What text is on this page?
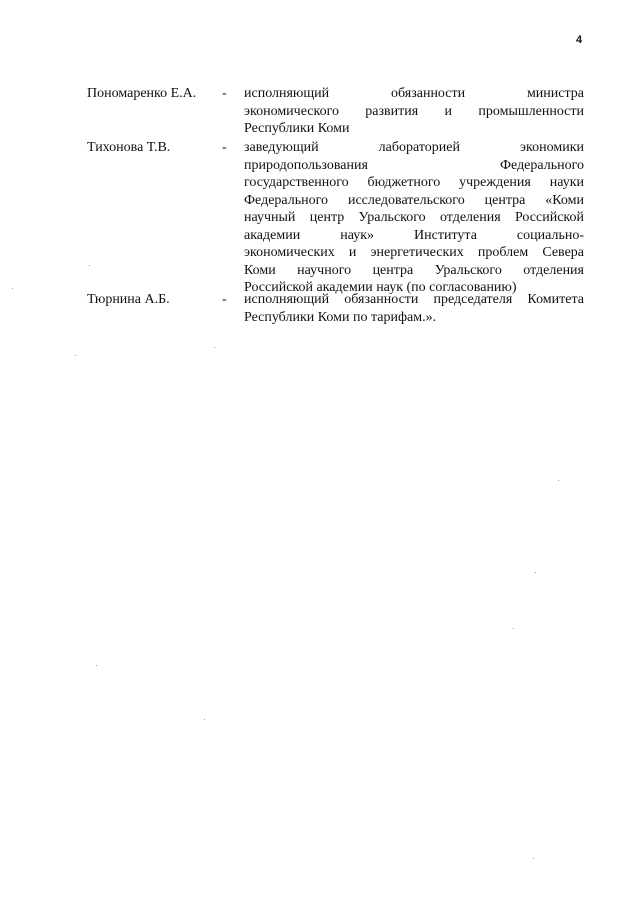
4
Пономаренко Е.А. - исполняющий обязанности министра
экономического развития и промышленности
Республики Коми
Тихонова Т.В.	- заведующий лабораторией экономики
природопользования Федерального
государственного бюджетного учреждения науки
Федерального исследовательского центра «Коми
научный центр Уральского отделения Российской
академии наук» Института социально-
экономических и энергетических проблем Севера
Коми научного центра Уральского отделения
Российской академии наук (по согласованию)
Тюрнина А.Б.	- исполняющий обязанности председателя Комитета
Республики Коми по тарифам.».
